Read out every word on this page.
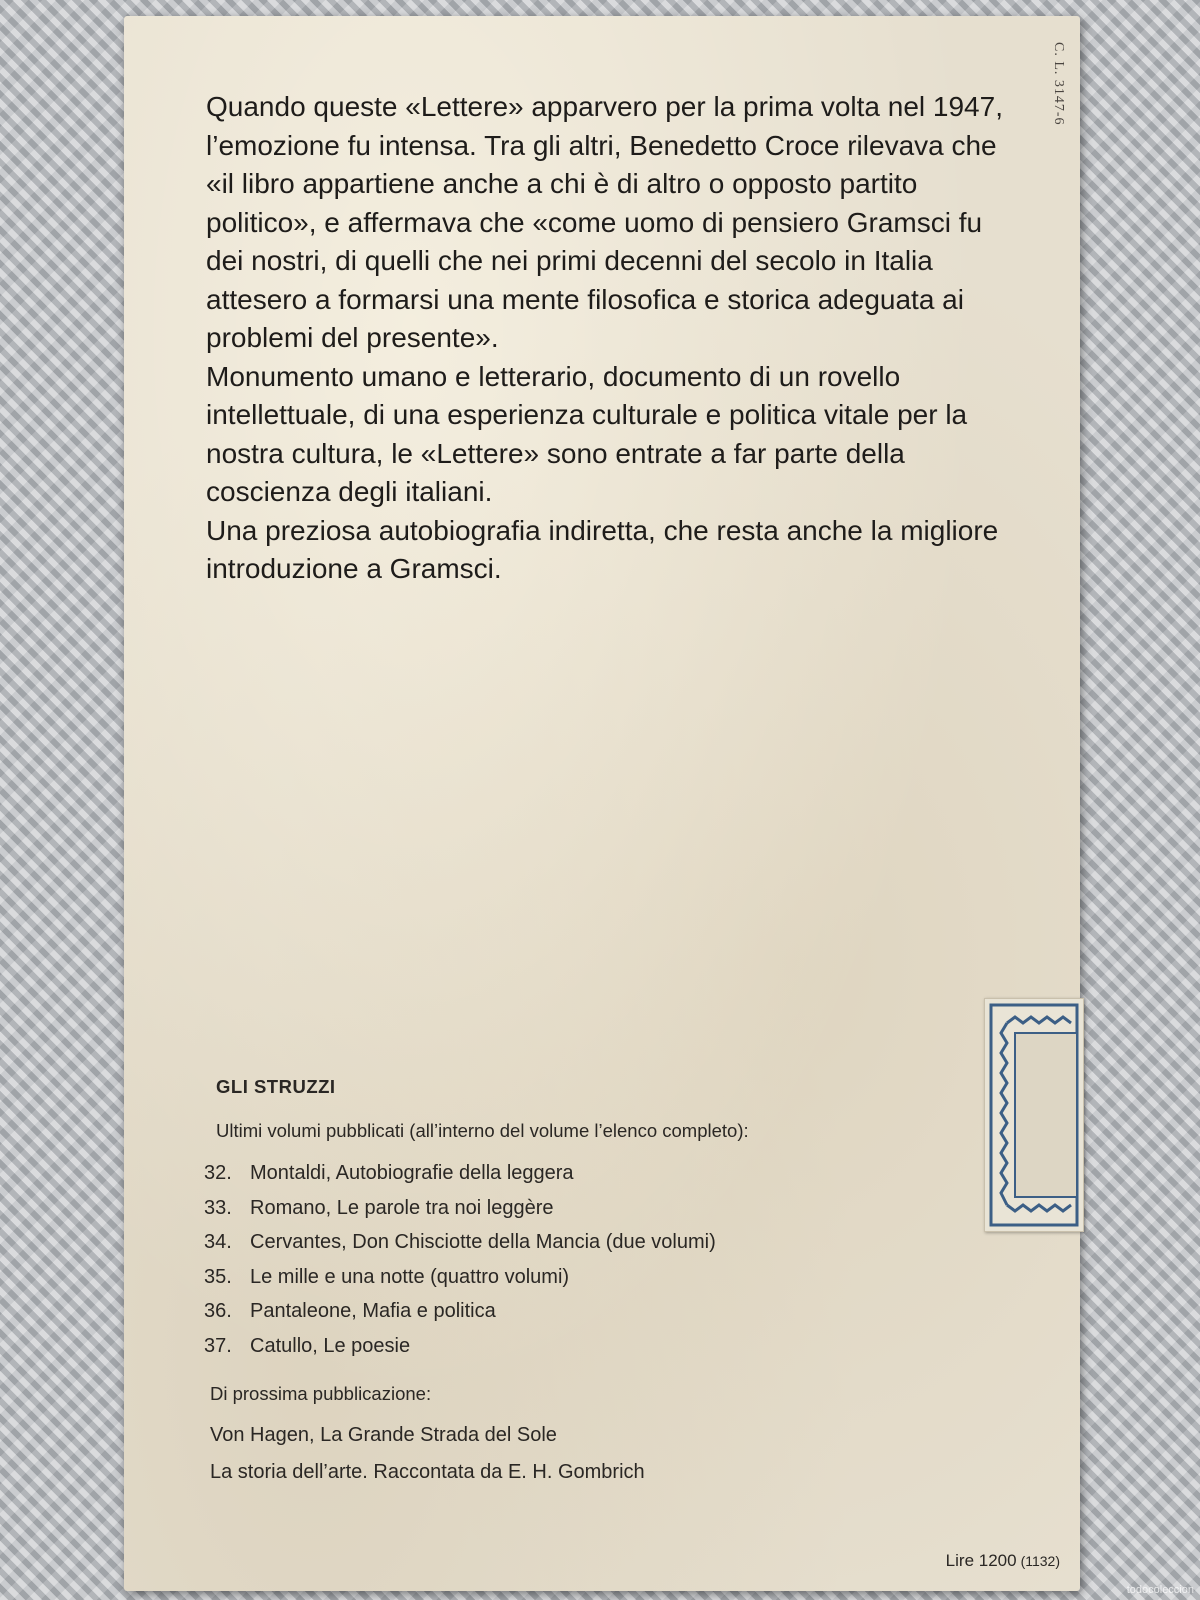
C. L. 3147-6

Quando queste «Lettere» apparvero per la prima volta nel 1947, l’emozione fu intensa. Tra gli altri, Benedetto Croce rilevava che «il libro appartiene anche a chi è di altro o opposto partito politico», e affermava che «come uomo di pensiero Gramsci fu dei nostri, di quelli che nei primi decenni del secolo in Italia attesero a formarsi una mente filosofica e storica adeguata ai problemi del presente».

Monumento umano e letterario, documento di un rovello intellettuale, di una esperienza culturale e politica vitale per la nostra cultura, le «Lettere» sono entrate a far parte della coscienza degli italiani.

Una preziosa autobiografia indiretta, che resta anche la migliore introduzione a Gramsci.

GLI STRUZZI
Ultimi volumi pubblicati (all’interno del volume l’elenco completo):
32. Montaldi, Autobiografie della leggera
33. Romano, Le parole tra noi leggère
34. Cervantes, Don Chisciotte della Mancia (due volumi)
35. Le mille e una notte (quattro volumi)
36. Pantaleone, Mafia e politica
37. Catullo, Le poesie
Di prossima pubblicazione:
Von Hagen, La Grande Strada del Sole
La storia dell’arte. Raccontata da E. H. Gombrich
Lire 1200 (1132)
todocoleccion
